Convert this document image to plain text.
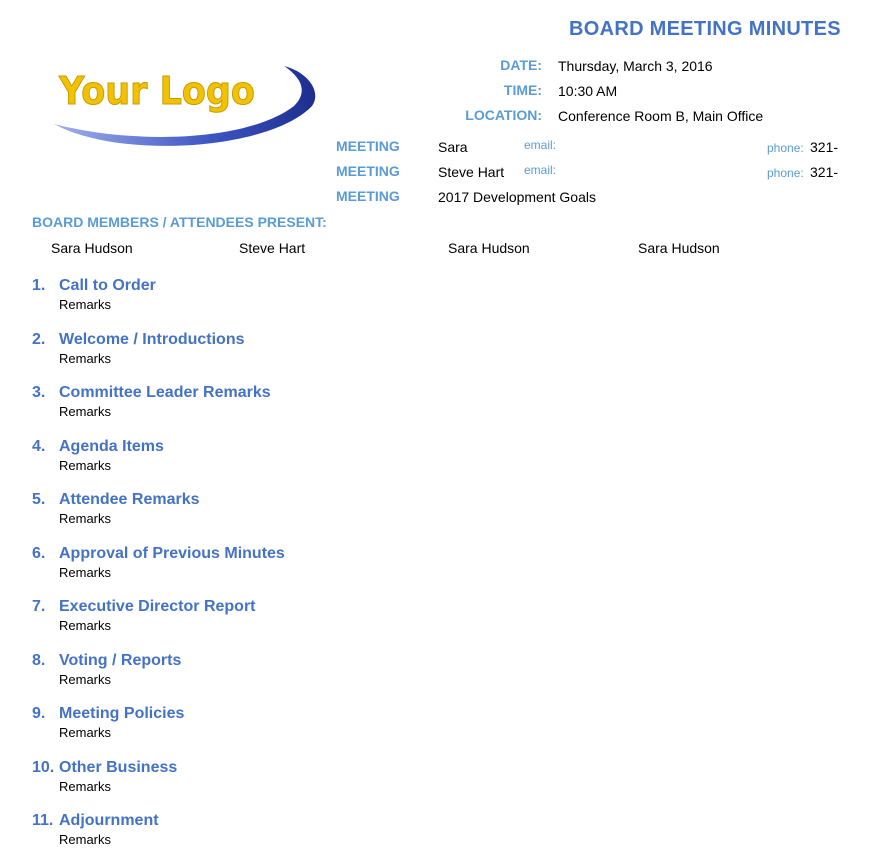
BOARD MEETING MINUTES
Your Logo
DATE: Thursday, March 3, 2016
TIME: 10:30 AM
LOCATION: Conference Room B, Main Office
MEETING	Sara	email:	phone: 321-
MEETING	Steve Hart email:	phone: 321-
MEETING	2017 Development Goals
BOARD MEMBERS / ATTENDEES PRESENT:
Sara Hudson	Steve Hart	Sara Hudson	Sara Hudson
1. Call to Order
Remarks
2. Welcome / Introductions
Remarks
3. Committee Leader Remarks
Remarks
4. Agenda Items
Remarks
5. Attendee Remarks
Remarks
6. Approval of Previous Minutes
Remarks
7. Executive Director Report
Remarks
8. Voting / Reports
Remarks
9. Meeting Policies
Remarks
10. Other Business
Remarks
11. Adjournment
Remarks
